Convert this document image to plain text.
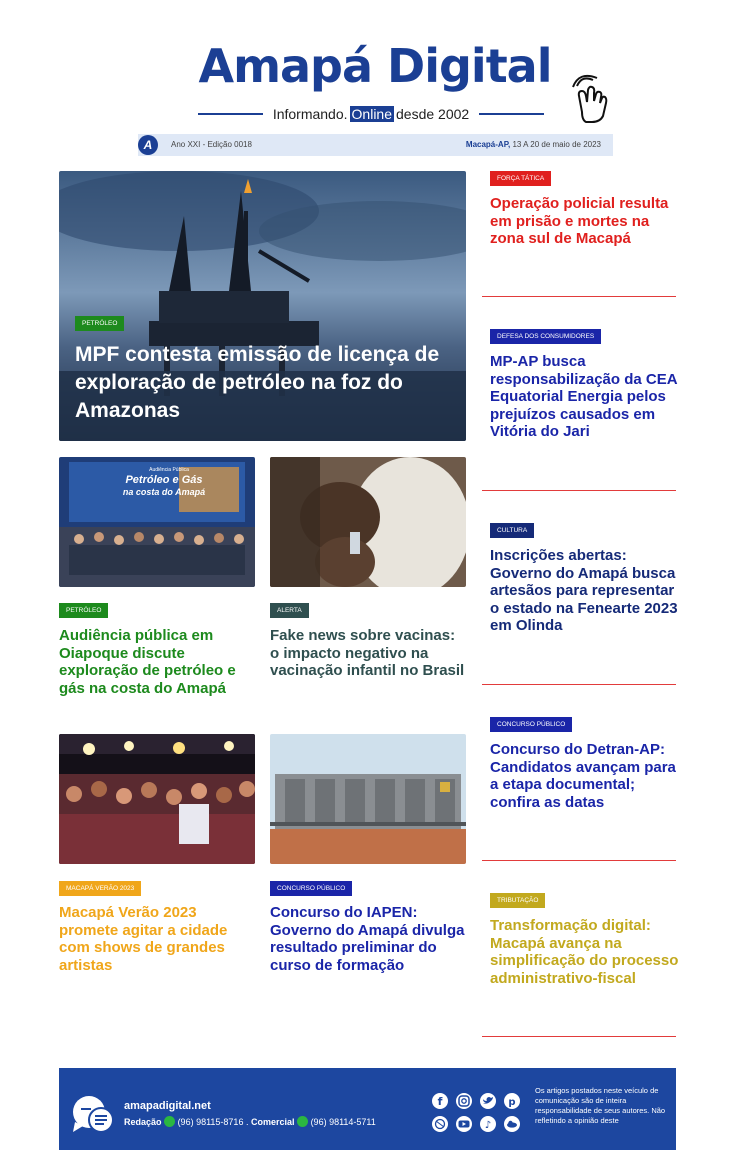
Amapá Digital
Informando. Online desde 2002
A	Ano XXI - Edição 0018	Macapá-AP, 13 A 20 de maio de 2023
PETRÓLEO
MPF contesta emissão de licença de exploração de petróleo na foz do Amazonas
Audiência Pública
Petróleo e Gás
na costa do Amapá
PETRÓLEO
Audiência pública em Oiapoque discute exploração de petróleo e gás na costa do Amapá
ALERTA
Fake news sobre vacinas: o impacto negativo na vacinação infantil no Brasil
MACAPÁ VERÃO 2023
Macapá Verão 2023 promete agitar a cidade com shows de grandes artistas
CONCURSO PÚBLICO
Concurso do IAPEN: Governo do Amapá divulga resultado preliminar do curso de formação
FORÇA TÁTICA
Operação policial resulta em prisão e mortes na zona sul de Macapá
DEFESA DOS CONSUMIDORES
MP-AP busca responsabilização da CEA Equatorial Energia pelos prejuízos causados em Vitória do Jari
CULTURA
Inscrições abertas: Governo do Amapá busca artesãos para representar o estado na Fenearte 2023 em Olinda
CONCURSO PÚBLICO
Concurso do Detran-AP: Candidatos avançam para a etapa documental; confira as datas
TRIBUTAÇÃO
Transformação digital: Macapá avança na simplificação do processo administrativo-fiscal
amapadigital.net
Redação (96) 98115-8716 . Comercial (96) 98114-5711
f	p
♪
Os artigos postados neste veículo de comunicação são de inteira responsabilidade de seus autores. Não refletindo a opinião deste
